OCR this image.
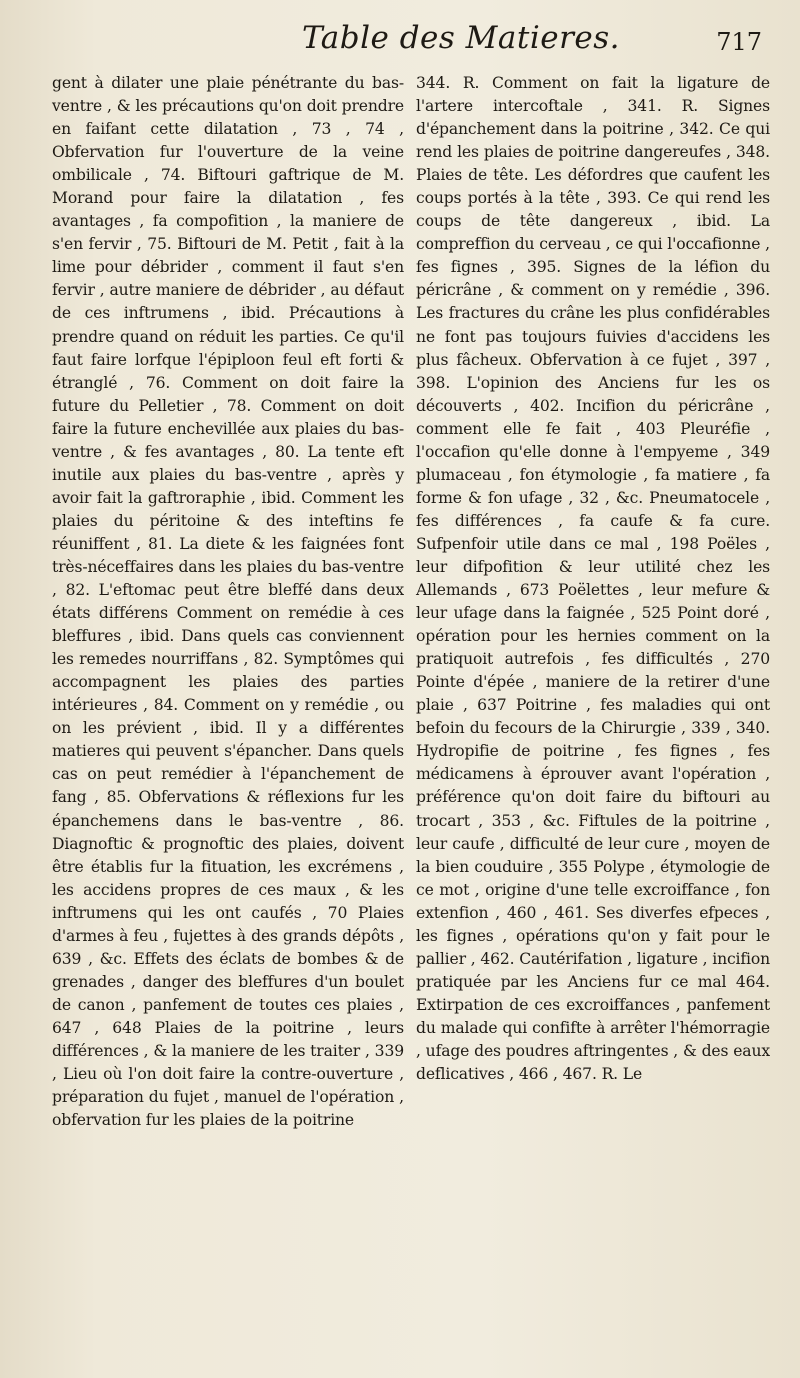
Table des Matieres.	717

gent à dilater une plaie pénétrante du bas-ventre , & les précautions qu'on doit prendre en faifant cette dilatation , 73 , 74 , Obfervation fur l'ouverture de la veine ombilicale , 74. Biftouri gaftrique de M. Morand pour faire la dilatation , fes avantages , fa compofition , la maniere de s'en fervir , 75. Biftouri de M. Petit , fait à la lime pour débrider , comment il faut s'en fervir , autre maniere de débrider , au défaut de ces inftrumens , ibid. Précautions à prendre quand on réduit les parties. Ce qu'il faut faire lorfque l'épiploon feul eft forti & étranglé , 76. Comment on doit faire la future du Pelletier , 78. Comment on doit faire la future enchevillée aux plaies du bas-ventre , & fes avantages , 80. La tente eft inutile aux plaies du bas-ventre , après y avoir fait la gaftroraphie , ibid. Comment les plaies du péritoine & des inteftins fe réuniffent , 81. La diete & les faignées font très-néceffaires dans les plaies du bas-ventre , 82. L'eftomac peut être bleffé dans deux états différens Comment on remédie à ces bleffures , ibid. Dans quels cas conviennent les remedes nourriffans , 82. Symptômes qui accompagnent les plaies des parties intérieures , 84. Comment on y remédie , ou on les prévient , ibid. Il y a différentes matieres qui peuvent s'épancher. Dans quels cas on peut remédier à l'épanchement de fang , 85. Obfervations & réflexions fur les épanchemens dans le bas-ventre , 86. Diagnoftic & prognoftic des plaies, doivent être établis fur la fituation, les excrémens , les accidens propres de ces maux , & les inftrumens qui les ont caufés , 70 Plaies d'armes à feu , fujettes à des grands dépôts , 639 , &c. Effets des éclats de bombes & de grenades , danger des bleffures d'un boulet de canon , panfement de toutes ces plaies , 647 , 648 Plaies de la poitrine , leurs différences , & la maniere de les traiter , 339 , Lieu où l'on doit faire la contre-ouverture , préparation du fujet , manuel de l'opération , obfervation fur les plaies de la poitrine

344. R. Comment on fait la ligature de l'artere intercoftale , 341. R. Signes d'épanchement dans la poitrine , 342. Ce qui rend les plaies de poitrine dangereufes , 348. Plaies de tête. Les défordres que caufent les coups portés à la tête , 393. Ce qui rend les coups de tête dangereux , ibid. La compreffion du cerveau , ce qui l'occafionne , fes fignes , 395. Signes de la léfion du péricrâne , & comment on y remédie , 396. Les fractures du crâne les plus confidérables ne font pas toujours fuivies d'accidens les plus fâcheux. Obfervation à ce fujet , 397 , 398. L'opinion des Anciens fur les os découverts , 402. Incifion du péricrâne , comment elle fe fait , 403 Pleuréfie , l'occafion qu'elle donne à l'empyeme , 349 plumaceau , fon étymologie , fa matiere , fa forme & fon ufage , 32 , &c. Pneumatocele , fes différences , fa caufe & fa cure. Sufpenfoir utile dans ce mal , 198 Poëles , leur difpofition & leur utilité chez les Allemands , 673 Poëlettes , leur mefure & leur ufage dans la faignée , 525 Point doré , opération pour les hernies comment on la pratiquoit autrefois , fes difficultés , 270 Pointe d'épée , maniere de la retirer d'une plaie , 637 Poitrine , fes maladies qui ont befoin du fecours de la Chirurgie , 339 , 340. Hydropifie de poitrine , fes fignes , fes médicamens à éprouver avant l'opération , préférence qu'on doit faire du biftouri au trocart , 353 , &c. Fiftules de la poitrine , leur caufe , difficulté de leur cure , moyen de la bien couduire , 355 Polype , étymologie de ce mot , origine d'une telle excroiffance , fon extenfion , 460 , 461. Ses diverfes efpeces , les fignes , opérations qu'on y fait pour le pallier , 462. Cautérifation , ligature , incifion pratiquée par les Anciens fur ce mal 464. Extirpation de ces excroiffances , panfement du malade qui confifte à arrêter l'hémorragie , ufage des poudres aftringentes , & des eaux deflicatives , 466 , 467. R. Le
